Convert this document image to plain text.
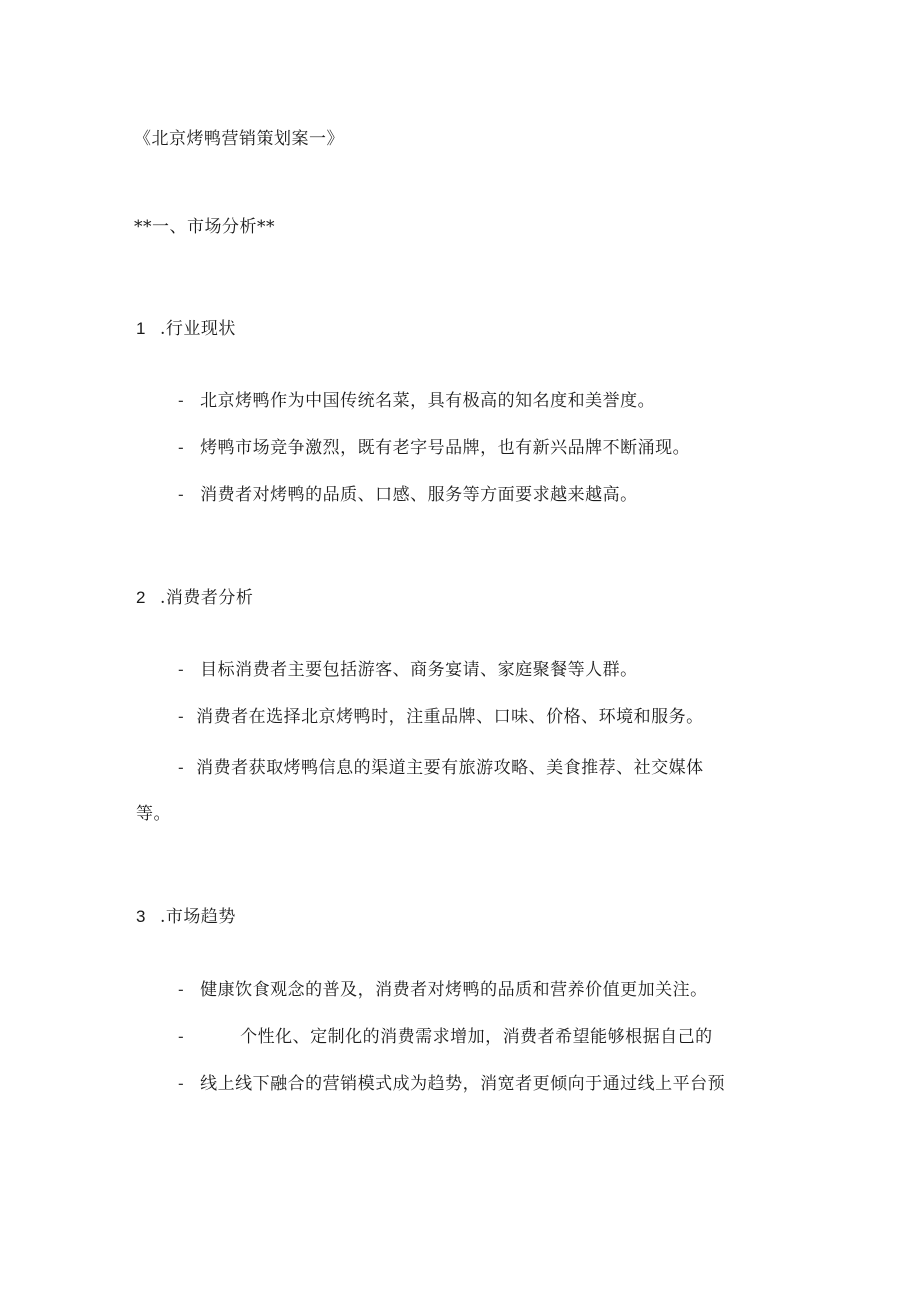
《北京烤鸭营销策划案一》
**一、市场分析**
1 .行业现状
- 北京烤鸭作为中国传统名菜，具有极高的知名度和美誉度。
- 烤鸭市场竞争激烈，既有老字号品牌，也有新兴品牌不断涌现。
- 消费者对烤鸭的品质、口感、服务等方面要求越来越高。
2 .消费者分析
- 目标消费者主要包括游客、商务宴请、家庭聚餐等人群。
- 消费者在选择北京烤鸭时，注重品牌、口味、价格、环境和服务。
- 消费者获取烤鸭信息的渠道主要有旅游攻略、美食推荐、社交媒体
等。
3 .市场趋势
- 健康饮食观念的普及，消费者对烤鸭的品质和营养价值更加关注。
-	个性化、定制化的消费需求增加，消费者希望能够根据自己的
- 线上线下融合的营销模式成为趋势，消宽者更倾向于通过线上平台预
